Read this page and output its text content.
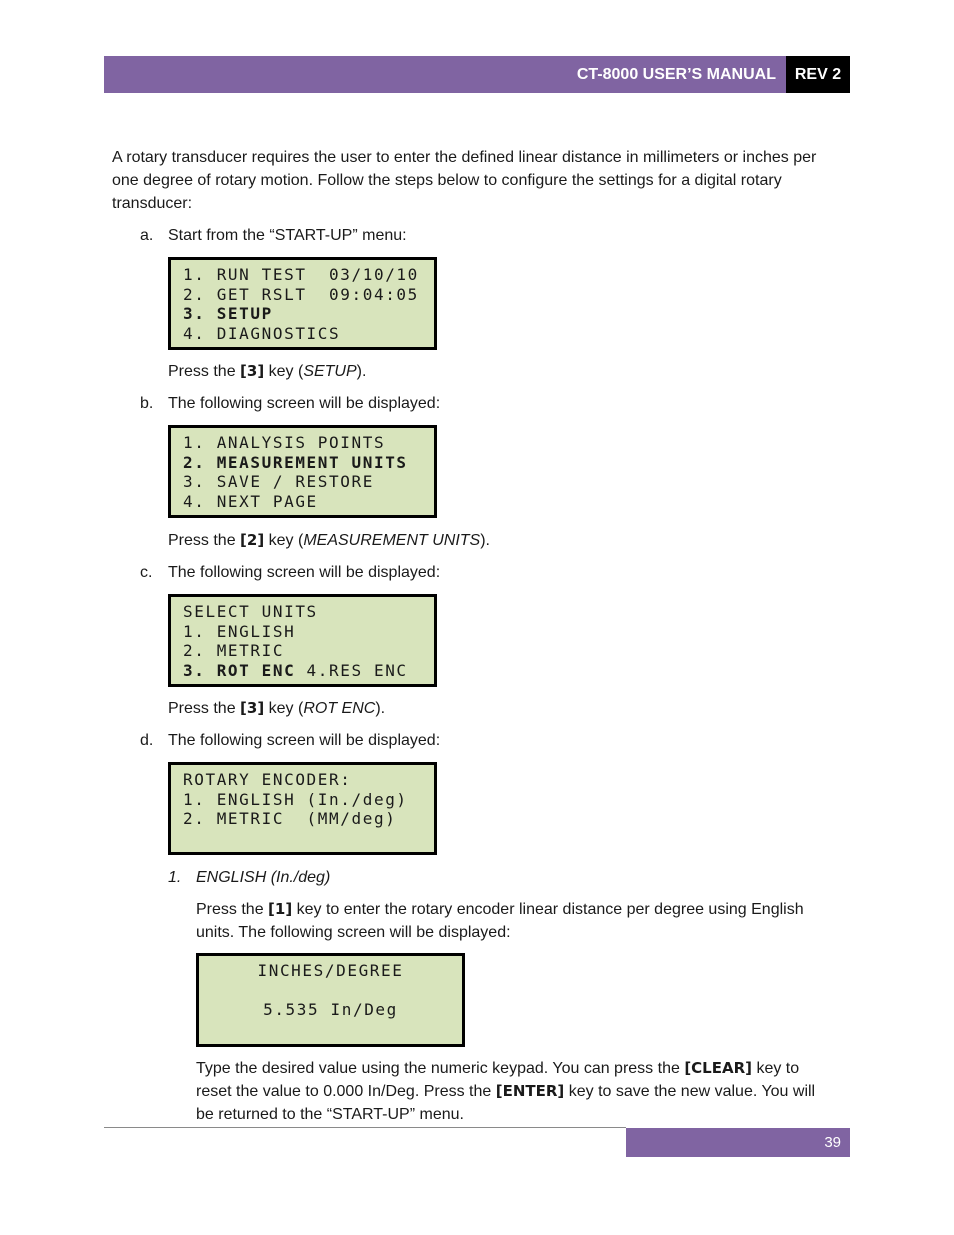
CT-8000 USER’S MANUAL REV 2

A rotary transducer requires the user to enter the defined linear distance in millimeters or inches per one degree of rotary motion. Follow the steps below to configure the settings for a digital rotary transducer:

a. Start from the “START-UP” menu:

1. RUN TEST  03/10/10
2. GET RSLT  09:04:05
3. SETUP
4. DIAGNOSTICS

Press the [3] key (SETUP).

b. The following screen will be displayed:

1. ANALYSIS POINTS
2. MEASUREMENT UNITS
3. SAVE / RESTORE
4. NEXT PAGE

Press the [2] key (MEASUREMENT UNITS).

c. The following screen will be displayed:

SELECT UNITS
1. ENGLISH
2. METRIC
3. ROT ENC 4.RES ENC

Press the [3] key (ROT ENC).

d. The following screen will be displayed:

ROTARY ENCODER:
1. ENGLISH (In./deg)
2. METRIC  (MM/deg)
1. ENGLISH (In./deg)

Press the [1] key to enter the rotary encoder linear distance per degree using English units. The following screen will be displayed:

INCHES/DEGREE
5.535 In/Deg

Type the desired value using the numeric keypad. You can press the [CLEAR] key to reset the value to 0.000 In/Deg. Press the [ENTER] key to save the new value. You will be returned to the “START-UP” menu.

39
